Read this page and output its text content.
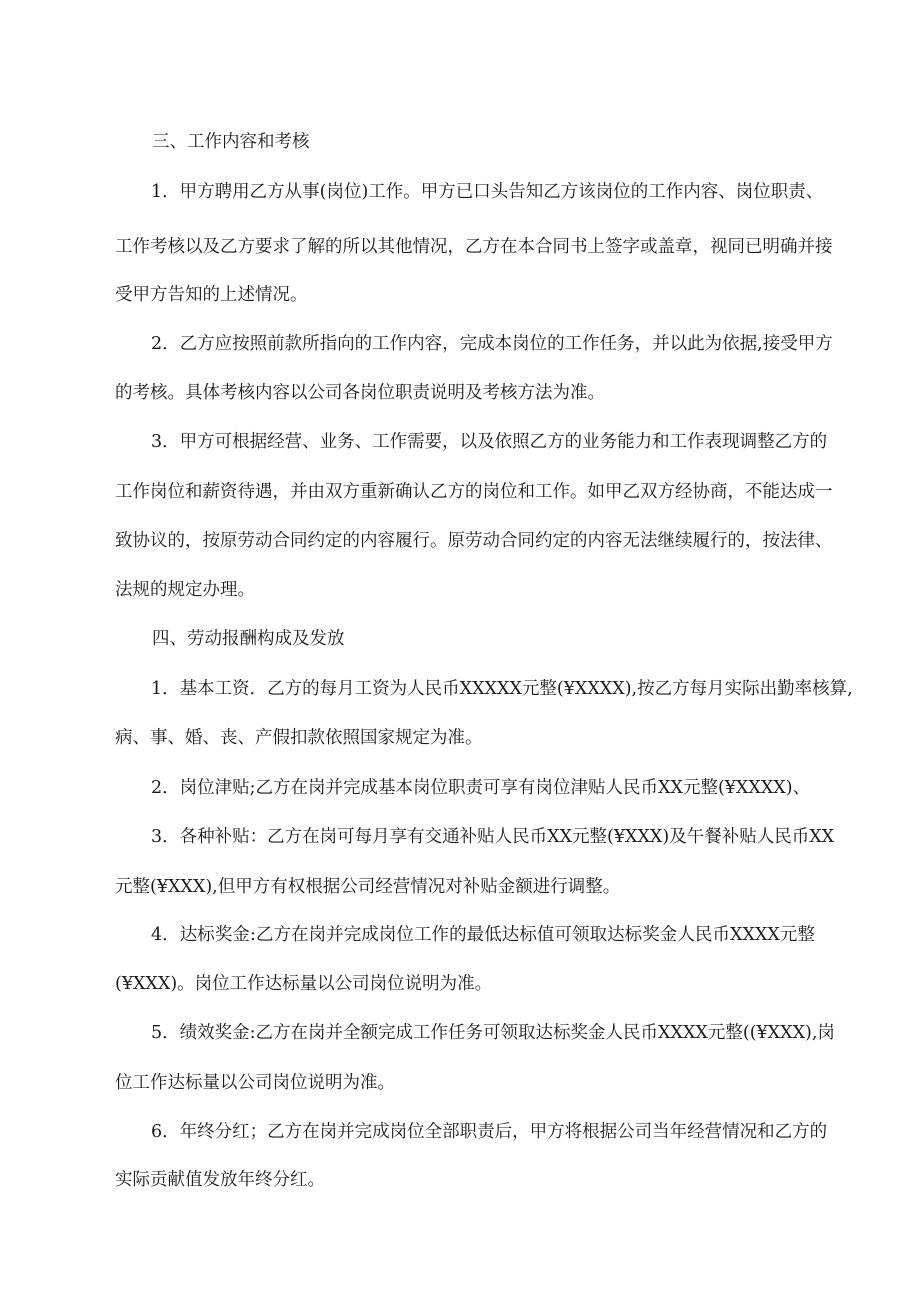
三、工作内容和考核
1．甲方聘用乙方从事(岗位)工作。甲方已口头告知乙方该岗位的工作内容、岗位职责、
工作考核以及乙方要求了解的所以其他情况，乙方在本合同书上签字或盖章，视同已明确并接
受甲方告知的上述情况。
2．乙方应按照前款所指向的工作内容，完成本岗位的工作任务，并以此为依据,接受甲方
的考核。具体考核内容以公司各岗位职责说明及考核方法为准。
3．甲方可根据经营、业务、工作需要，以及依照乙方的业务能力和工作表现调整乙方的
工作岗位和薪资待遇，并由双方重新确认乙方的岗位和工作。如甲乙双方经协商，不能达成一
致协议的，按原劳动合同约定的内容履行。原劳动合同约定的内容无法继续履行的，按法律、
法规的规定办理。
四、劳动报酬构成及发放
1．基本工资．乙方的每月工资为人民币XXXXX元整(¥XXXX),按乙方每月实际出勤率核算,
病、事、婚、丧、产假扣款依照国家规定为准。
2．岗位津贴;乙方在岗并完成基本岗位职责可享有岗位津贴人民币XX元整(¥XXXX)、
3．各种补贴：乙方在岗可每月享有交通补贴人民币XX元整(¥XXX)及午餐补贴人民币XX
元整(¥XXX),但甲方有权根据公司经营情况对补贴金额进行调整。
4．达标奖金:乙方在岗并完成岗位工作的最低达标值可领取达标奖金人民币XXXX元整
(¥XXX)。岗位工作达标量以公司岗位说明为准。
5．绩效奖金:乙方在岗并全额完成工作任务可领取达标奖金人民币XXXX元整((¥XXX),岗
位工作达标量以公司岗位说明为准。
6．年终分红；乙方在岗并完成岗位全部职责后，甲方将根据公司当年经营情况和乙方的
实际贡献值发放年终分红。
